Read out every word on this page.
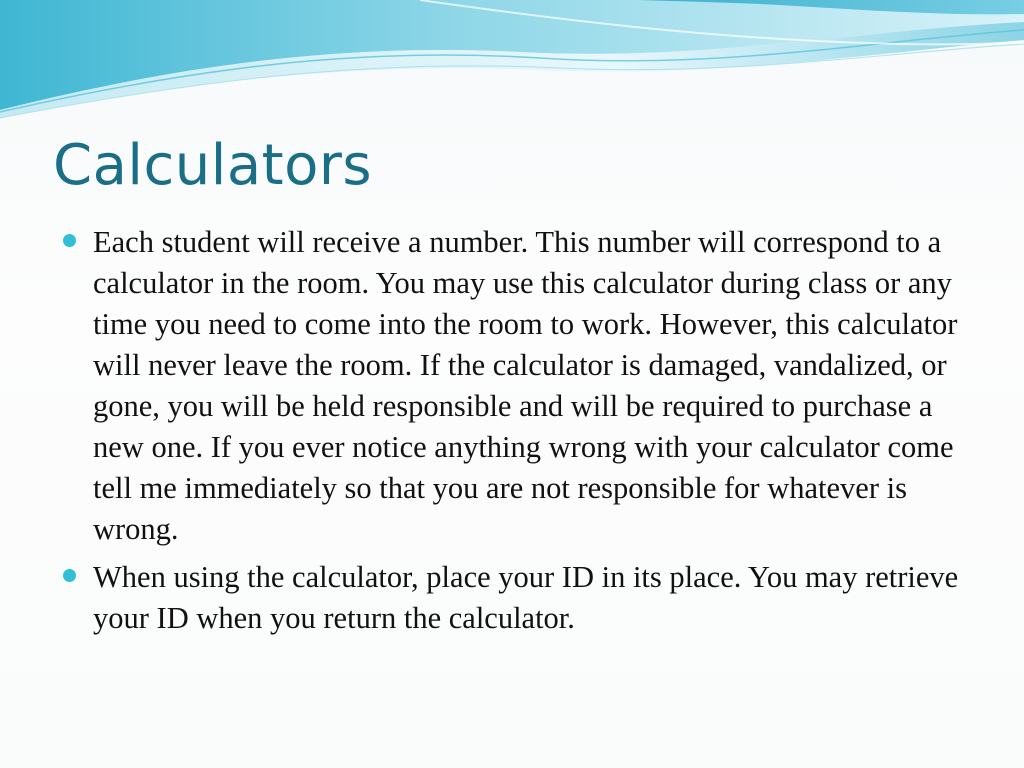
Calculators
Each student will receive a number. This number will correspond to a calculator in the room. You may use this calculator during class or any time you need to come into the room to work. However, this calculator will never leave the room. If the calculator is damaged, vandalized, or gone, you will be held responsible and will be required to purchase a new one. If you ever notice anything wrong with your calculator come tell me immediately so that you are not responsible for whatever is wrong.
When using the calculator, place your ID in its place. You may retrieve your ID when you return the calculator.
